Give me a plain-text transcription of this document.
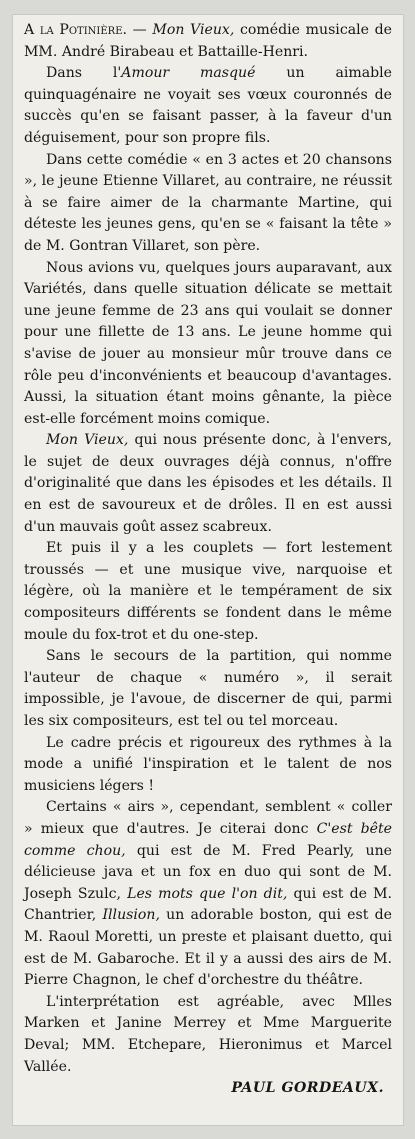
A la Potinière. — Mon Vieux, comédie musicale de MM. André Birabeau et Battaille-Henri.

Dans l'Amour masqué un aimable quinquagénaire ne voyait ses vœux couronnés de succès qu'en se faisant passer, à la faveur d'un déguisement, pour son propre fils.

Dans cette comédie « en 3 actes et 20 chansons », le jeune Etienne Villaret, au contraire, ne réussit à se faire aimer de la charmante Martine, qui déteste les jeunes gens, qu'en se « faisant la tête » de M. Gontran Villaret, son père.

Nous avions vu, quelques jours auparavant, aux Variétés, dans quelle situation délicate se mettait une jeune femme de 23 ans qui voulait se donner pour une fillette de 13 ans. Le jeune homme qui s'avise de jouer au monsieur mûr trouve dans ce rôle peu d'inconvénients et beaucoup d'avantages. Aussi, la situation étant moins gênante, la pièce est-elle forcément moins comique.

Mon Vieux, qui nous présente donc, à l'envers, le sujet de deux ouvrages déjà connus, n'offre d'originalité que dans les épisodes et les détails. Il en est de savoureux et de drôles. Il en est aussi d'un mauvais goût assez scabreux.

Et puis il y a les couplets — fort lestement troussés — et une musique vive, narquoise et légère, où la manière et le tempérament de six compositeurs différents se fondent dans le même moule du fox-trot et du one-step.

Sans le secours de la partition, qui nomme l'auteur de chaque « numéro », il serait impossible, je l'avoue, de discerner de qui, parmi les six compositeurs, est tel ou tel morceau.

Le cadre précis et rigoureux des rythmes à la mode a unifié l'inspiration et le talent de nos musiciens légers !

Certains « airs », cependant, semblent « coller » mieux que d'autres. Je citerai donc C'est bête comme chou, qui est de M. Fred Pearly, une délicieuse java et un fox en duo qui sont de M. Joseph Szulc, Les mots que l'on dit, qui est de M. Chantrier, Illusion, un adorable boston, qui est de M. Raoul Moretti, un preste et plaisant duetto, qui est de M. Gabaroche. Et il y a aussi des airs de M. Pierre Chagnon, le chef d'orchestre du théâtre.

L'interprétation est agréable, avec Mlles Marken et Janine Merrey et Mme Marguerite Deval; MM. Etchepare, Hieronimus et Marcel Vallée.

PAUL GORDEAUX.
